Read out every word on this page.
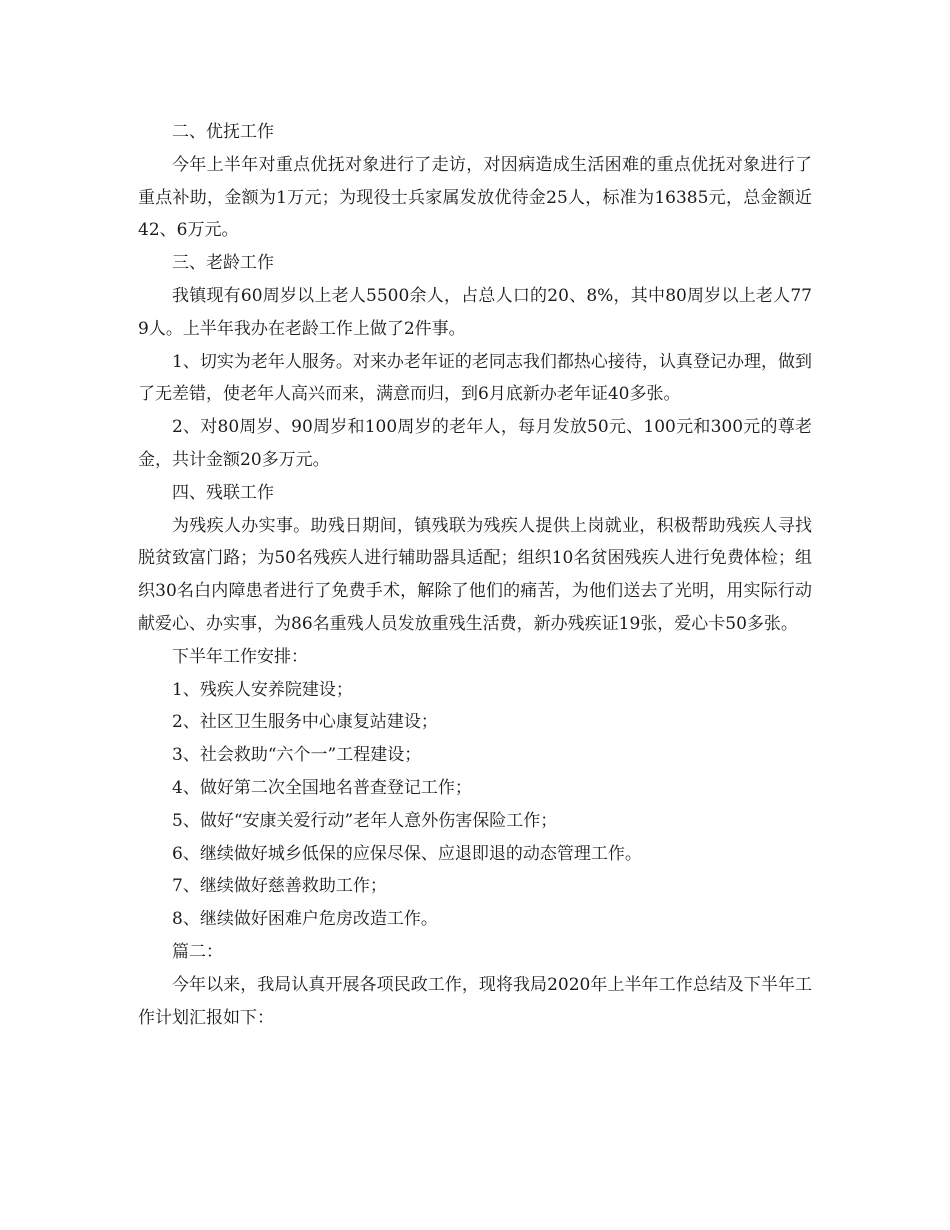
二、优抚工作

今年上半年对重点优抚对象进行了走访，对因病造成生活困难的重点优抚对象进行了重点补助，金额为1万元；为现役士兵家属发放优待金25人，标准为16385元，总金额近42、6万元。

三、老龄工作

我镇现有60周岁以上老人5500余人，占总人口的20、8%，其中80周岁以上老人779人。上半年我办在老龄工作上做了2件事。

1、切实为老年人服务。对来办老年证的老同志我们都热心接待，认真登记办理，做到了无差错，使老年人高兴而来，满意而归，到6月底新办老年证40多张。

2、对80周岁、90周岁和100周岁的老年人，每月发放50元、100元和300元的尊老金，共计金额20多万元。

四、残联工作

为残疾人办实事。助残日期间，镇残联为残疾人提供上岗就业，积极帮助残疾人寻找脱贫致富门路；为50名残疾人进行辅助器具适配；组织10名贫困残疾人进行免费体检；组织30名白内障患者进行了免费手术，解除了他们的痛苦，为他们送去了光明，用实际行动献爱心、办实事，为86名重残人员发放重残生活费，新办残疾证19张，爱心卡50多张。

下半年工作安排：

1、残疾人安养院建设；

2、社区卫生服务中心康复站建设；

3、社会救助“六个一”工程建设；

4、做好第二次全国地名普查登记工作；

5、做好“安康关爱行动”老年人意外伤害保险工作；

6、继续做好城乡低保的应保尽保、应退即退的动态管理工作。

7、继续做好慈善救助工作；

8、继续做好困难户危房改造工作。

篇二：

今年以来，我局认真开展各项民政工作，现将我局2020年上半年工作总结及下半年工作计划汇报如下：
